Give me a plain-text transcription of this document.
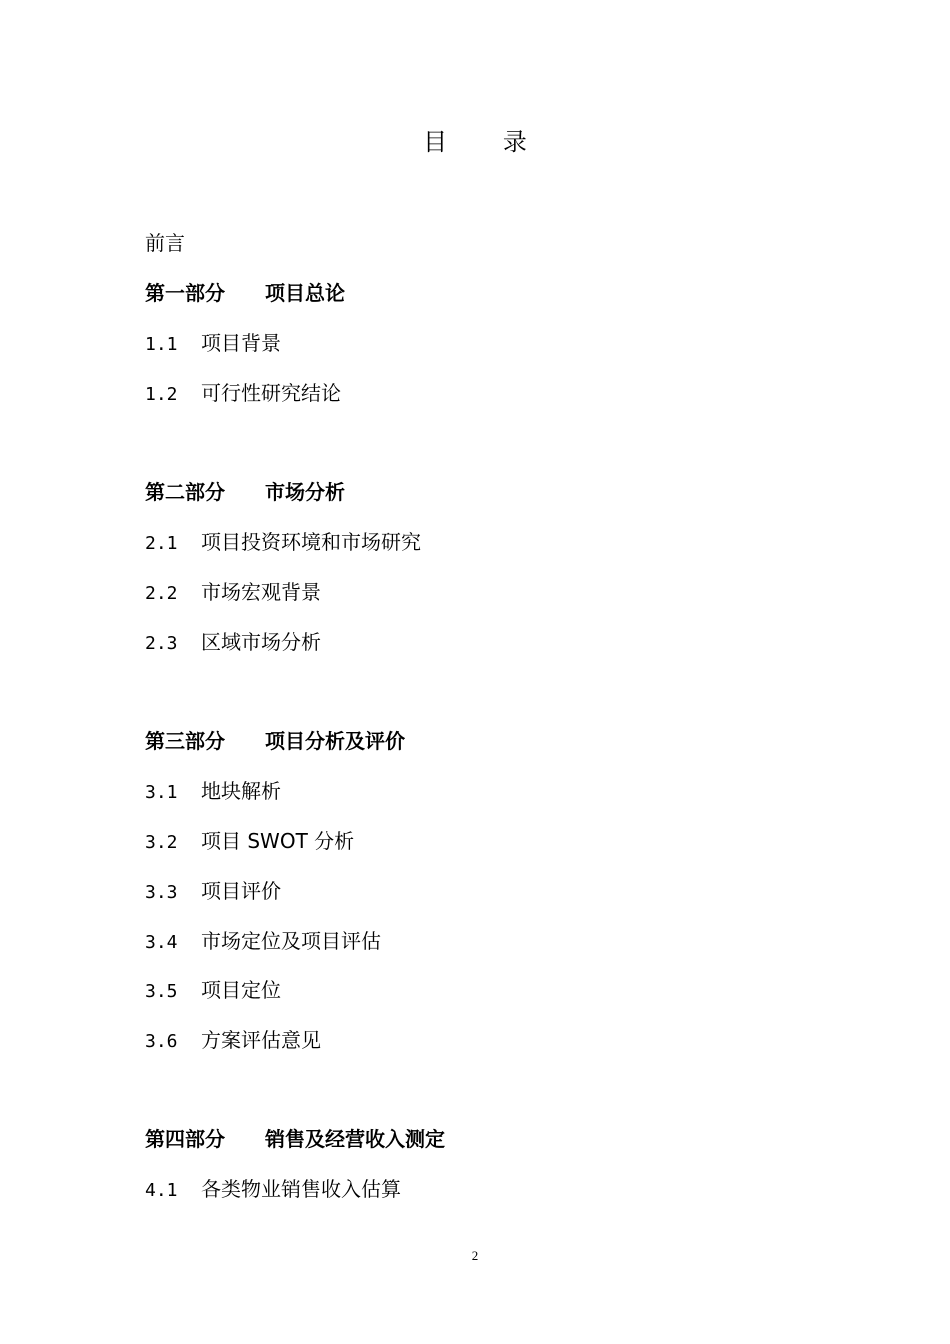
目 录
前言
第一部分 项目总论
1.1 项目背景
1.2 可行性研究结论
第二部分 市场分析
2.1 项目投资环境和市场研究
2.2 市场宏观背景
2.3 区域市场分析
第三部分 项目分析及评价
3.1 地块解析
3.2 项目 SWOT 分析
3.3 项目评价
3.4 市场定位及项目评估
3.5 项目定位
3.6 方案评估意见
第四部分 销售及经营收入测定
4.1 各类物业销售收入估算
2
